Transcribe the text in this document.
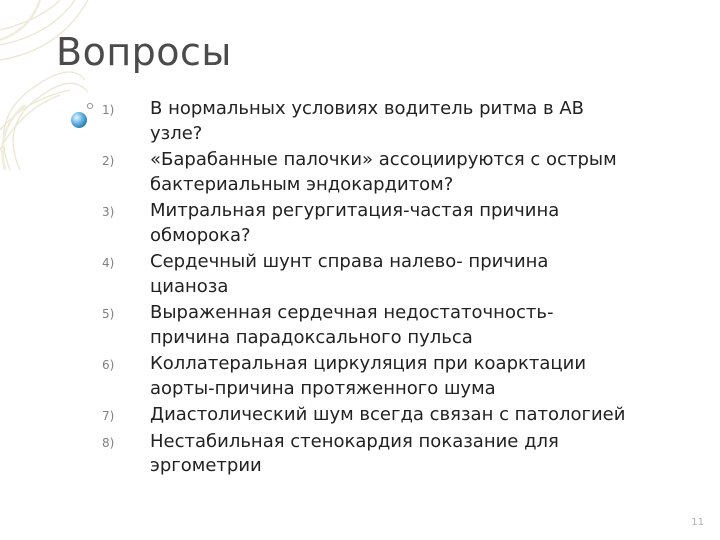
Вопросы
1)	В нормальных условиях водитель ритма в АВ узле?
2)	«Барабанные палочки» ассоциируются с острым бактериальным эндокардитом?
3)	Митральная регургитация-частая причина обморока?
4)	Сердечный шунт справа налево- причина цианоза
5)	Выраженная сердечная недостаточность- причина парадоксального пульса
6)	Коллатеральная циркуляция при коарктации аорты-причина протяженного шума
7)	Диастолический шум всегда связан с патологией
8)	Нестабильная стенокардия показание для эргометрии
11
